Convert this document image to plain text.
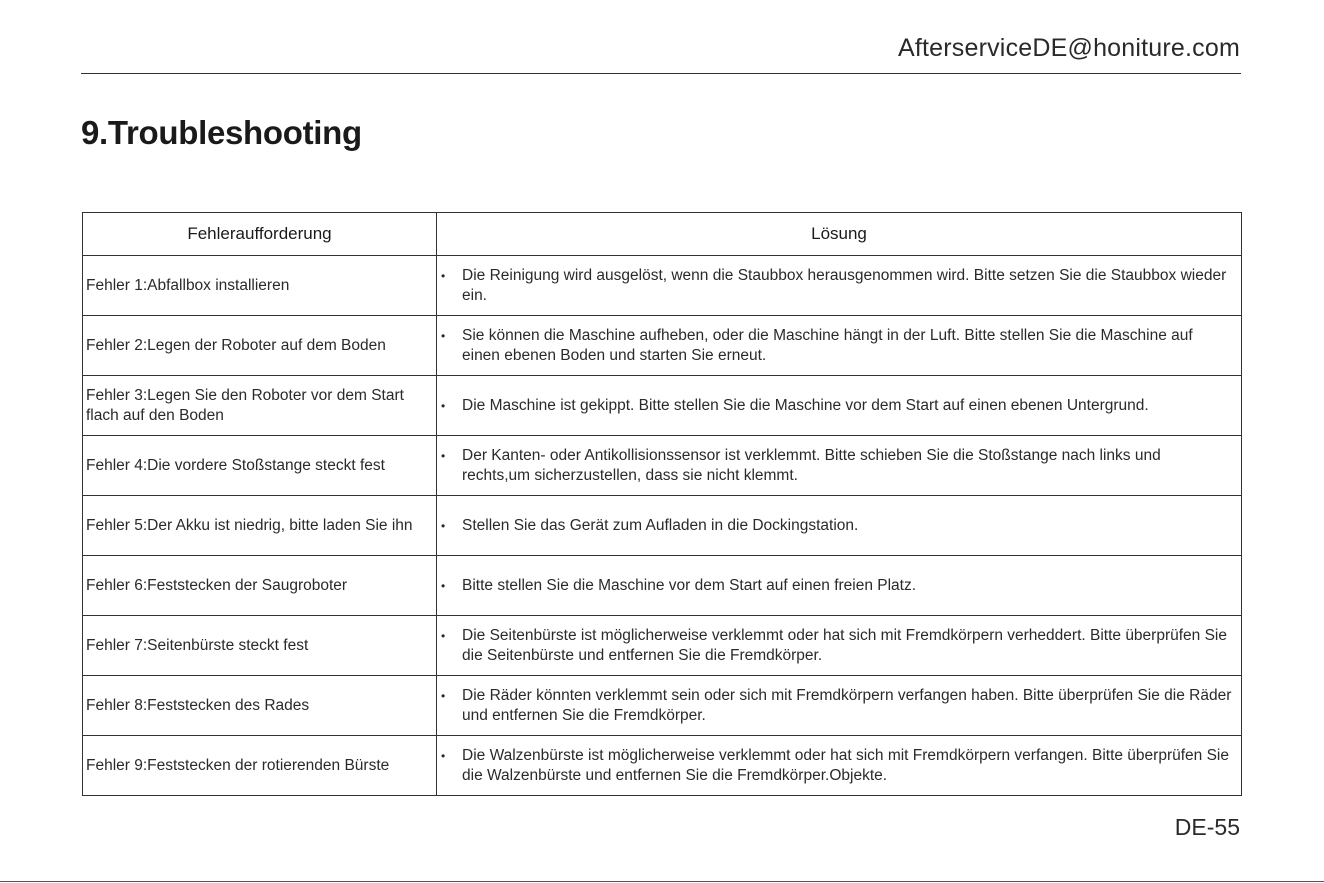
AfterserviceDE@honiture.com
9.Troubleshooting
Fehleraufforderung	Lösung
Fehler 1:Abfallbox installieren	• Die Reinigung wird ausgelöst, wenn die Staubbox herausgenommen wird. Bitte setzen Sie die Staubbox wieder ein.

Fehler 2:Legen der Roboter auf dem Boden	• Sie können die Maschine aufheben, oder die Maschine hängt in der Luft. Bitte stellen Sie die Maschine auf einen ebenen Boden und starten Sie erneut.

Fehler 3:Legen Sie den Roboter vor dem Start flach auf den Boden	• Die Maschine ist gekippt. Bitte stellen Sie die Maschine vor dem Start auf einen ebenen Untergrund.

Fehler 4:Die vordere Stoßstange steckt fest	• Der Kanten- oder Antikollisionssensor ist verklemmt. Bitte schieben Sie die Stoßstange nach links und rechts,um sicherzustellen, dass sie nicht klemmt.

Fehler 5:Der Akku ist niedrig, bitte laden Sie ihn	• Stellen Sie das Gerät zum Aufladen in die Dockingstation.

Fehler 6:Feststecken der Saugroboter	• Bitte stellen Sie die Maschine vor dem Start auf einen freien Platz.

Fehler 7:Seitenbürste steckt fest	• Die Seitenbürste ist möglicherweise verklemmt oder hat sich mit Fremdkörpern verheddert. Bitte überprüfen Sie die Seitenbürste und entfernen Sie die Fremdkörper.

Fehler 8:Feststecken des Rades	• Die Räder könnten verklemmt sein oder sich mit Fremdkörpern verfangen haben. Bitte überprüfen Sie die Räder und entfernen Sie die Fremdkörper.

Fehler 9:Feststecken der rotierenden Bürste	• Die Walzenbürste ist möglicherweise verklemmt oder hat sich mit Fremdkörpern verfangen. Bitte überprüfen Sie die Walzenbürste und entfernen Sie die Fremdkörper.Objekte.
DE-55
